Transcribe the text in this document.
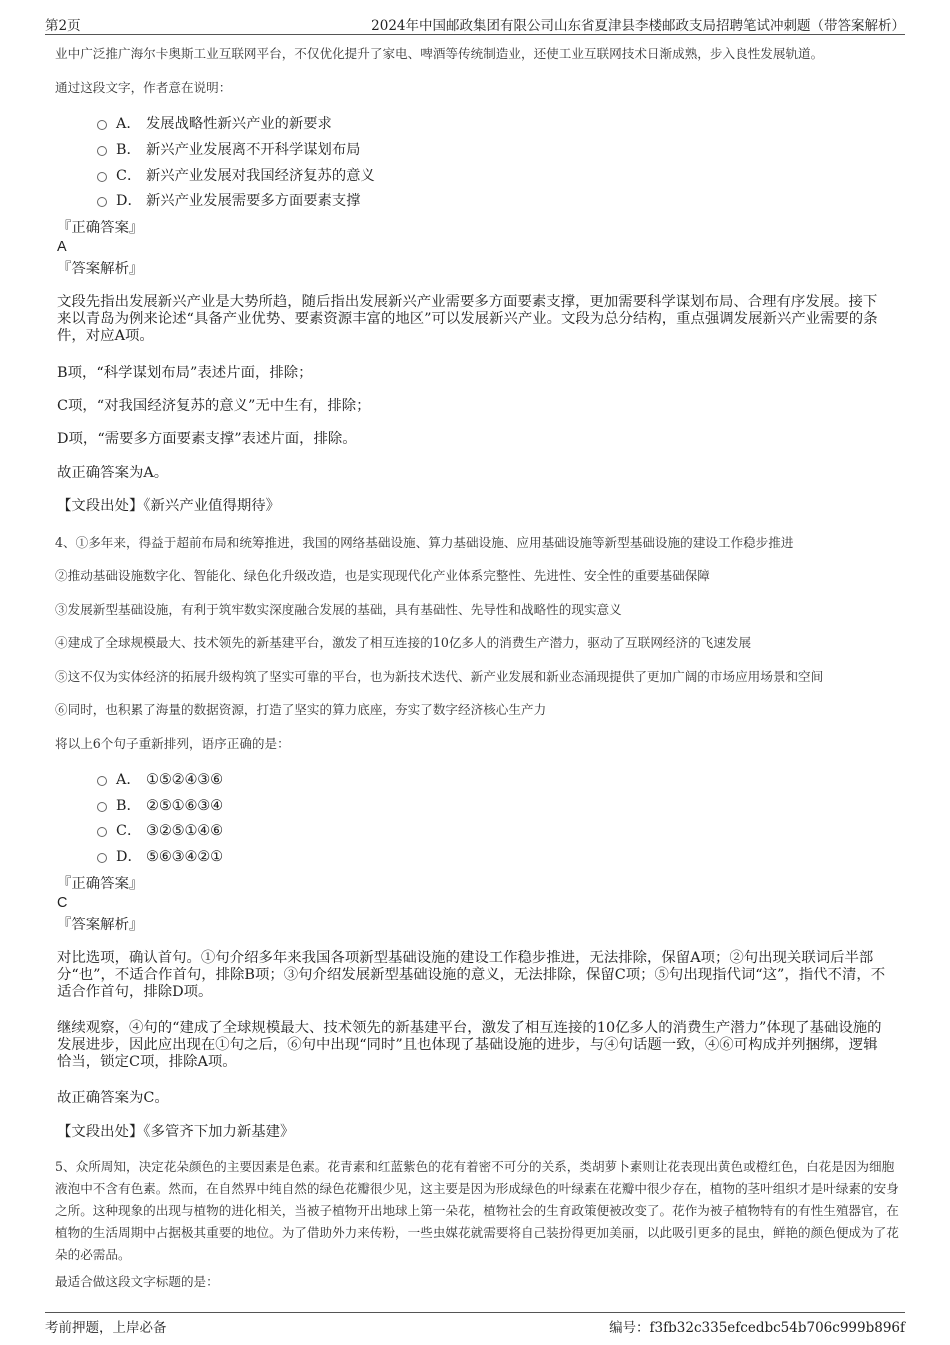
第2页	2024年中国邮政集团有限公司山东省夏津县李楼邮政支局招聘笔试冲刺题（带答案解析）
业中广泛推广海尔卡奥斯工业互联网平台，不仅优化提升了家电、啤酒等传统制造业，还使工业互联网技术日渐成熟，步入良性发展轨道。
通过这段文字，作者意在说明：
A． 发展战略性新兴产业的新要求
B． 新兴产业发展离不开科学谋划布局
C． 新兴产业发展对我国经济复苏的意义
D． 新兴产业发展需要多方面要素支撑
『正确答案』
A
『答案解析』
文段先指出发展新兴产业是大势所趋，随后指出发展新兴产业需要多方面要素支撑，更加需要科学谋划布局、合理有序发展。接下来以青岛为例来论述“具备产业优势、要素资源丰富的地区”可以发展新兴产业。文段为总分结构，重点强调发展新兴产业需要的条件，对应A项。
B项，“科学谋划布局”表述片面，排除；
C项，“对我国经济复苏的意义”无中生有，排除；
D项，“需要多方面要素支撑”表述片面，排除。
故正确答案为A。
【文段出处】《新兴产业值得期待》
4、①多年来，得益于超前布局和统筹推进，我国的网络基础设施、算力基础设施、应用基础设施等新型基础设施的建设工作稳步推进
②推动基础设施数字化、智能化、绿色化升级改造，也是实现现代化产业体系完整性、先进性、安全性的重要基础保障
③发展新型基础设施，有利于筑牢数实深度融合发展的基础，具有基础性、先导性和战略性的现实意义
④建成了全球规模最大、技术领先的新基建平台，激发了相互连接的10亿多人的消费生产潜力，驱动了互联网经济的飞速发展
⑤这不仅为实体经济的拓展升级构筑了坚实可靠的平台，也为新技术迭代、新产业发展和新业态涌现提供了更加广阔的市场应用场景和空间
⑥同时，也积累了海量的数据资源，打造了坚实的算力底座，夯实了数字经济核心生产力
将以上6个句子重新排列，语序正确的是：
A． ①⑤②④③⑥
B． ②⑤①⑥③④
C． ③②⑤①④⑥
D． ⑤⑥③④②①
『正确答案』
C
『答案解析』
对比选项，确认首句。①句介绍多年来我国各项新型基础设施的建设工作稳步推进，无法排除，保留A项；②句出现关联词后半部分“也”，不适合作首句，排除B项；③句介绍发展新型基础设施的意义，无法排除，保留C项；⑤句出现指代词“这”，指代不清，不适合作首句，排除D项。
继续观察，④句的“建成了全球规模最大、技术领先的新基建平台，激发了相互连接的10亿多人的消费生产潜力”体现了基础设施的发展进步，因此应出现在①句之后，⑥句中出现“同时”且也体现了基础设施的进步，与④句话题一致，④⑥可构成并列捆绑，逻辑恰当，锁定C项，排除A项。
故正确答案为C。
【文段出处】《多管齐下加力新基建》
5、众所周知，决定花朵颜色的主要因素是色素。花青素和红蓝紫色的花有着密不可分的关系，类胡萝卜素则让花表现出黄色或橙红色，白花是因为细胞液泡中不含有色素。然而，在自然界中纯自然的绿色花瓣很少见，这主要是因为形成绿色的叶绿素在花瓣中很少存在，植物的茎叶组织才是叶绿素的安身之所。这种现象的出现与植物的进化相关，当被子植物开出地球上第一朵花，植物社会的生育政策便被改变了。花作为被子植物特有的有性生殖器官，在植物的生活周期中占据极其重要的地位。为了借助外力来传粉，一些虫媒花就需要将自己装扮得更加美丽，以此吸引更多的昆虫，鲜艳的颜色便成为了花朵的必需品。
最适合做这段文字标题的是：
考前押题，上岸必备	编号：f3fb32c335efcedbc54b706c999b896f
